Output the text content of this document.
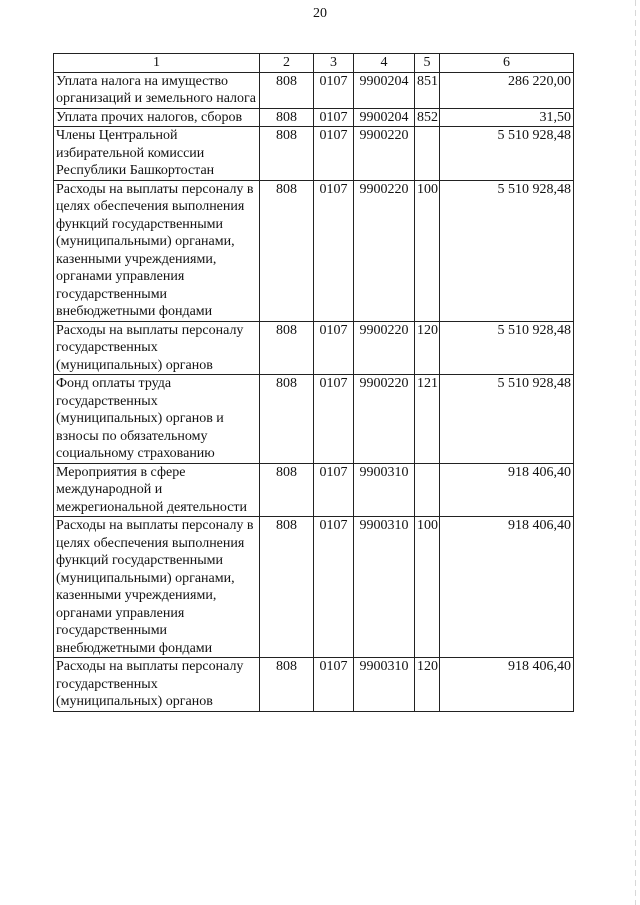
20
1	2	3	4	5	6
Уплата налога на имущество организаций и земельного налога	808	0107	9900204	851	286 220,00
Уплата прочих налогов, сборов	808	0107	9900204	852	31,50
Члены Центральной избирательной комиссии Республики Башкортостан	808	0107	9900220		5 510 928,48
Расходы на выплаты персоналу в целях обеспечения выполнения функций государственными (муниципальными) органами, казенными учреждениями, органами управления государственными внебюджетными фондами	808	0107	9900220	100	5 510 928,48
Расходы на выплаты персоналу государственных (муниципальных) органов	808	0107	9900220	120	5 510 928,48
Фонд оплаты труда государственных (муниципальных) органов и взносы по обязательному социальному страхованию	808	0107	9900220	121	5 510 928,48
Мероприятия в сфере международной и межрегиональной деятельности	808	0107	9900310		918 406,40
Расходы на выплаты персоналу в целях обеспечения выполнения функций государственными (муниципальными) органами, казенными учреждениями, органами управления государственными внебюджетными фондами	808	0107	9900310	100	918 406,40
Расходы на выплаты персоналу государственных (муниципальных) органов	808	0107	9900310	120	918 406,40
